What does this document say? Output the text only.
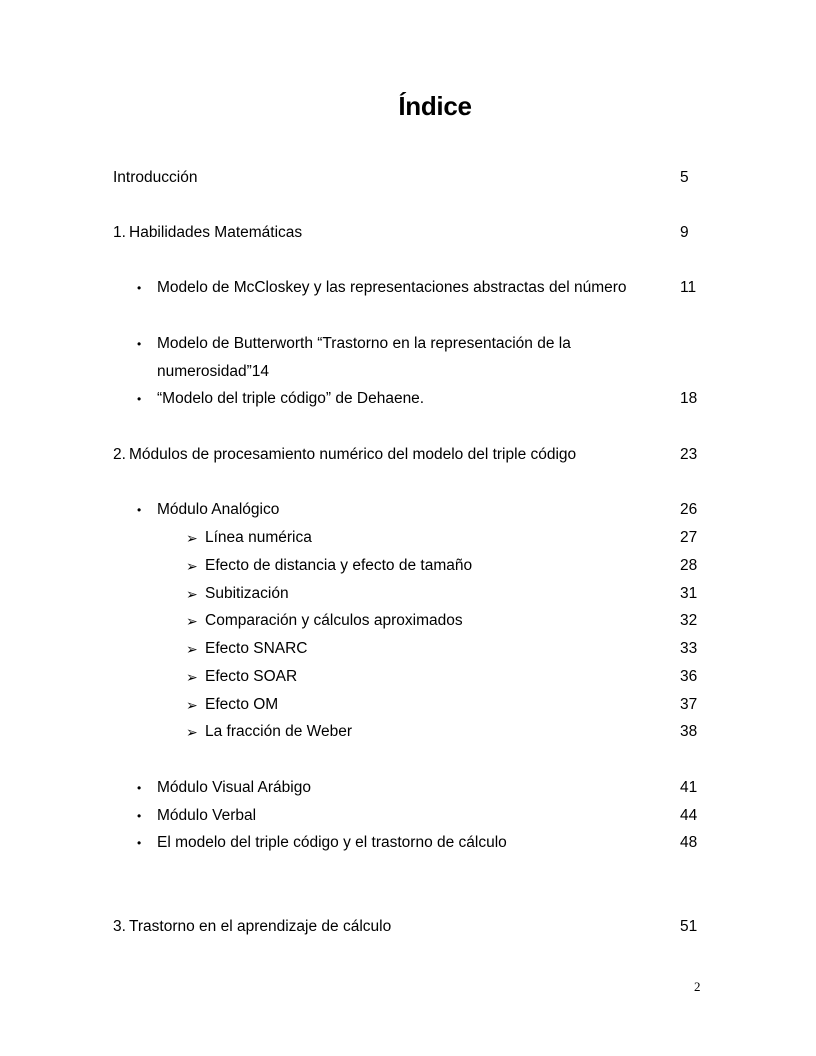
Índice
Introducción	5
1. Habilidades Matemáticas	9
• Modelo de McCloskey y las representaciones abstractas del número	11
• Modelo de Butterworth “Trastorno en la representación de la
numerosidad”14
• “Modelo del triple código” de Dehaene.	18
2. Módulos de procesamiento numérico del modelo del triple código	23
• Módulo Analógico	26
➢ Línea numérica	27
➢ Efecto de distancia y efecto de tamaño	28
➢ Subitización	31
➢ Comparación y cálculos aproximados	32
➢ Efecto SNARC	33
➢ Efecto SOAR	36
➢ Efecto OM	37
➢ La fracción de Weber	38
• Módulo Visual Arábigo	41
• Módulo Verbal	44
• El modelo del triple código y el trastorno de cálculo	48
3. Trastorno en el aprendizaje de cálculo	51
2
